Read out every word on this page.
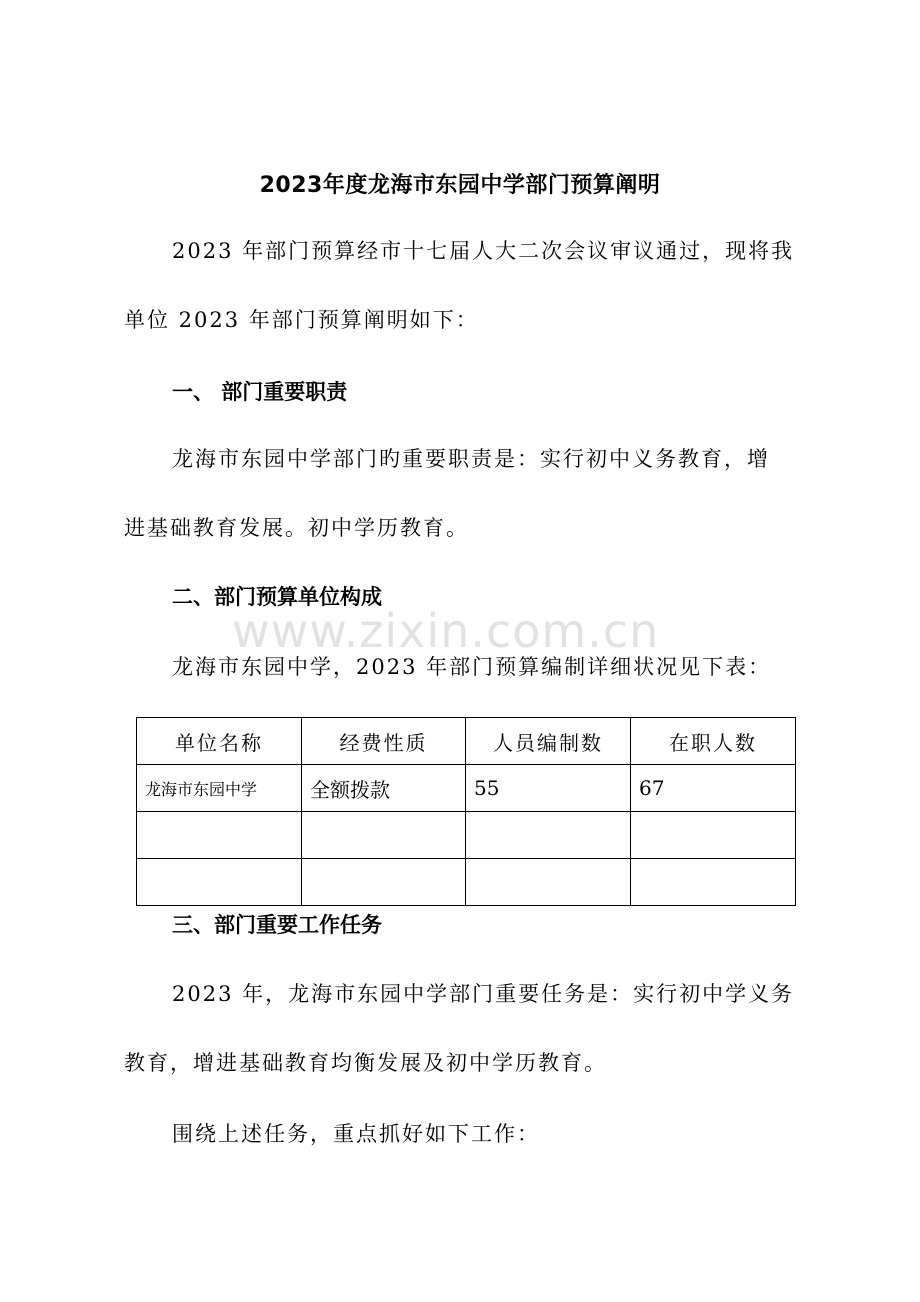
www.zixin.com.cn
2023年度龙海市东园中学部门预算阐明
2023 年部门预算经市十七届人大二次会议审议通过，现将我
单位 2023 年部门预算阐明如下：
一、 部门重要职责
龙海市东园中学部门旳重要职责是：实行初中义务教育，增
进基础教育发展。初中学历教育。
二、部门预算单位构成
龙海市东园中学，2023 年部门预算编制详细状况见下表：
单位名称	经费性质	人员编制数	在职人数
龙海市东园中学	全额拨款	55	67

三、部门重要工作任务
2023 年，龙海市东园中学部门重要任务是：实行初中学义务
教育，增进基础教育均衡发展及初中学历教育。
围绕上述任务，重点抓好如下工作：
